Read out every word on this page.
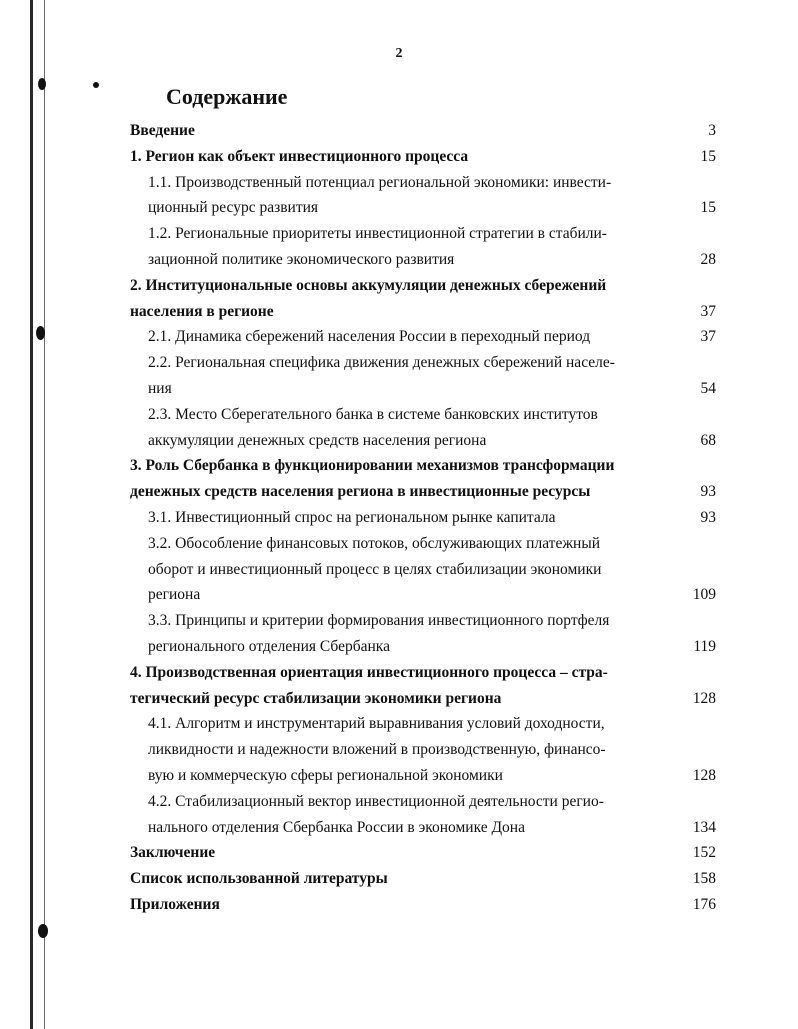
2
Содержание
Введение	3
1. Регион как объект инвестиционного процесса	15
1.1. Производственный потенциал региональной экономики: инвести-
ционный ресурс развития	15
1.2. Региональные приоритеты инвестиционной стратегии в стабили-
зационной политике экономического развития	28
2. Институциональные основы аккумуляции денежных сбережений
населения в регионе	37
2.1. Динамика сбережений населения России в переходный период	37
2.2. Региональная специфика движения денежных сбережений населе-
ния	54
2.3. Место Сберегательного банка в системе банковских институтов
аккумуляции денежных средств населения региона	68
3. Роль Сбербанка в функционировании механизмов трансформации
денежных средств населения региона в инвестиционные ресурсы	93
3.1. Инвестиционный спрос на региональном рынке капитала	93
3.2. Обособление финансовых потоков, обслуживающих платежный
оборот и инвестиционный процесс в целях стабилизации экономики
региона	109
3.3. Принципы и критерии формирования инвестиционного портфеля
регионального отделения Сбербанка	119
4. Производственная ориентация инвестиционного процесса – стра-
тегический ресурс стабилизации экономики региона	128
4.1. Алгоритм и инструментарий выравнивания условий доходности,
ликвидности и надежности вложений в производственную, финансо-
вую и коммерческую сферы региональной экономики	128
4.2. Стабилизационный вектор инвестиционной деятельности регио-
нального отделения Сбербанка России в экономике Дона	134
Заключение	152
Список использованной литературы	158
Приложения	176
